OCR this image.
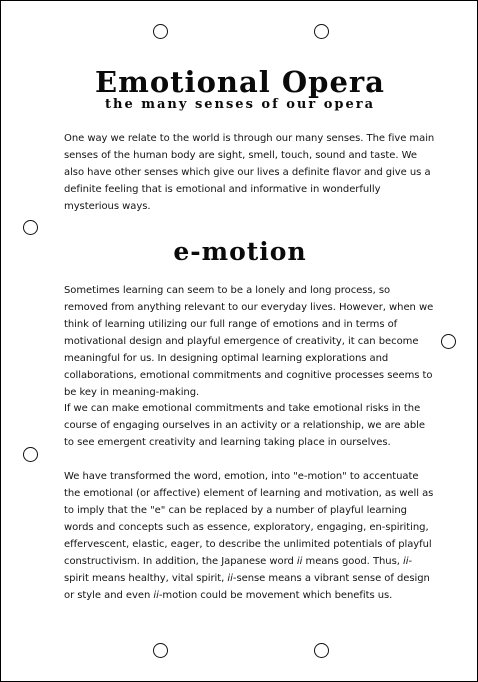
Emotional Opera
the many senses of our opera

One way we relate to the world is through our many senses. The five main senses of the human body are sight, smell, touch, sound and taste. We also have other senses which give our lives a definite flavor and give us a definite feeling that is emotional and informative in wonderfully mysterious ways.

e-motion

Sometimes learning can seem to be a lonely and long process, so removed from anything relevant to our everyday lives. However, when we think of learning utilizing our full range of emotions and in terms of motivational design and playful emergence of creativity, it can become meaningful for us. In designing optimal learning explorations and collaborations, emotional commitments and cognitive processes seems to be key in meaning-making.

If we can make emotional commitments and take emotional risks in the course of engaging ourselves in an activity or a relationship, we are able to see emergent creativity and learning taking place in ourselves.

We have transformed the word, emotion, into "e-motion" to accentuate the emotional (or affective) element of learning and motivation, as well as to imply that the "e" can be replaced by a number of playful learning words and concepts such as essence, exploratory, engaging, en-spiriting, effervescent, elastic, eager, to describe the unlimited potentials of playful constructivism. In addition, the Japanese word ii means good. Thus, ii-spirit means healthy, vital spirit, ii-sense means a vibrant sense of design or style and even ii-motion could be movement which benefits us.
